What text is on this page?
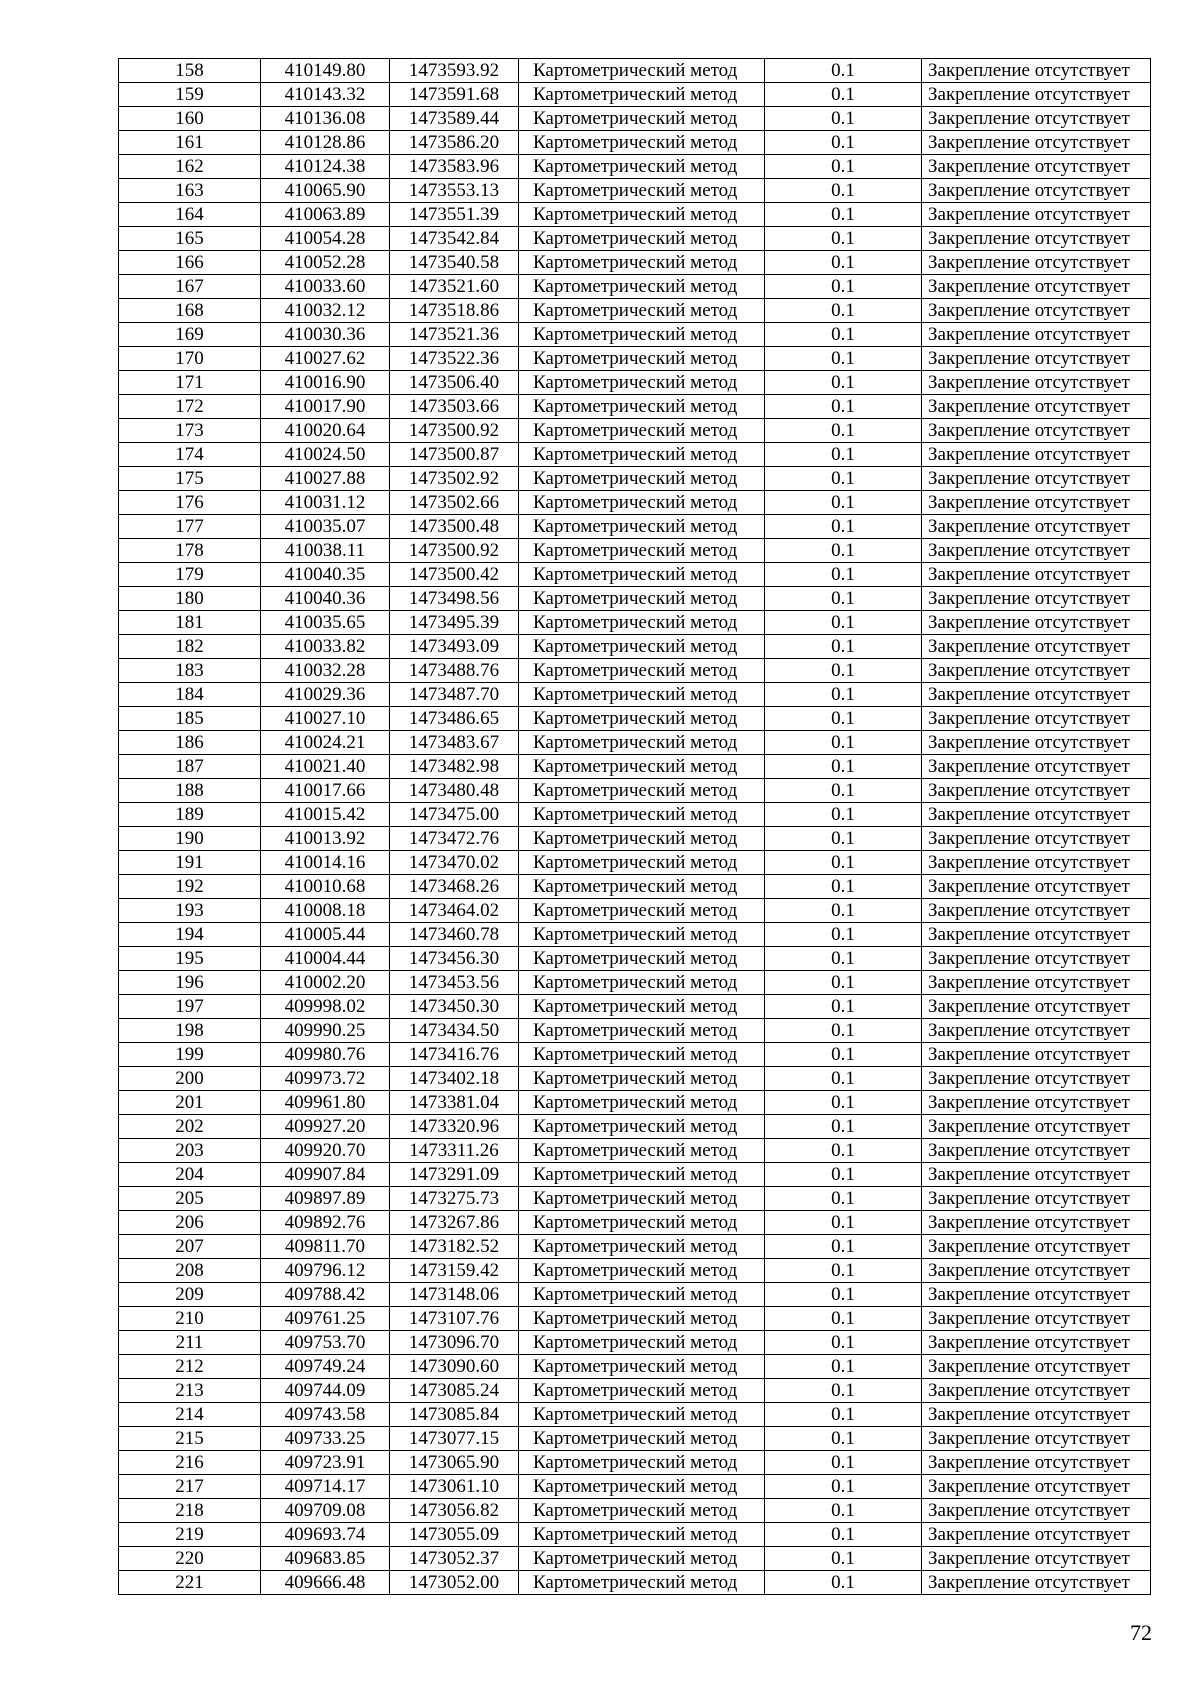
158	410149.80	1473593.92	Картометрический метод	0.1	Закрепление отсутствует
159	410143.32	1473591.68	Картометрический метод	0.1	Закрепление отсутствует
160	410136.08	1473589.44	Картометрический метод	0.1	Закрепление отсутствует
161	410128.86	1473586.20	Картометрический метод	0.1	Закрепление отсутствует
162	410124.38	1473583.96	Картометрический метод	0.1	Закрепление отсутствует
163	410065.90	1473553.13	Картометрический метод	0.1	Закрепление отсутствует
164	410063.89	1473551.39	Картометрический метод	0.1	Закрепление отсутствует
165	410054.28	1473542.84	Картометрический метод	0.1	Закрепление отсутствует
166	410052.28	1473540.58	Картометрический метод	0.1	Закрепление отсутствует
167	410033.60	1473521.60	Картометрический метод	0.1	Закрепление отсутствует
168	410032.12	1473518.86	Картометрический метод	0.1	Закрепление отсутствует
169	410030.36	1473521.36	Картометрический метод	0.1	Закрепление отсутствует
170	410027.62	1473522.36	Картометрический метод	0.1	Закрепление отсутствует
171	410016.90	1473506.40	Картометрический метод	0.1	Закрепление отсутствует
172	410017.90	1473503.66	Картометрический метод	0.1	Закрепление отсутствует
173	410020.64	1473500.92	Картометрический метод	0.1	Закрепление отсутствует
174	410024.50	1473500.87	Картометрический метод	0.1	Закрепление отсутствует
175	410027.88	1473502.92	Картометрический метод	0.1	Закрепление отсутствует
176	410031.12	1473502.66	Картометрический метод	0.1	Закрепление отсутствует
177	410035.07	1473500.48	Картометрический метод	0.1	Закрепление отсутствует
178	410038.11	1473500.92	Картометрический метод	0.1	Закрепление отсутствует
179	410040.35	1473500.42	Картометрический метод	0.1	Закрепление отсутствует
180	410040.36	1473498.56	Картометрический метод	0.1	Закрепление отсутствует
181	410035.65	1473495.39	Картометрический метод	0.1	Закрепление отсутствует
182	410033.82	1473493.09	Картометрический метод	0.1	Закрепление отсутствует
183	410032.28	1473488.76	Картометрический метод	0.1	Закрепление отсутствует
184	410029.36	1473487.70	Картометрический метод	0.1	Закрепление отсутствует
185	410027.10	1473486.65	Картометрический метод	0.1	Закрепление отсутствует
186	410024.21	1473483.67	Картометрический метод	0.1	Закрепление отсутствует
187	410021.40	1473482.98	Картометрический метод	0.1	Закрепление отсутствует
188	410017.66	1473480.48	Картометрический метод	0.1	Закрепление отсутствует
189	410015.42	1473475.00	Картометрический метод	0.1	Закрепление отсутствует
190	410013.92	1473472.76	Картометрический метод	0.1	Закрепление отсутствует
191	410014.16	1473470.02	Картометрический метод	0.1	Закрепление отсутствует
192	410010.68	1473468.26	Картометрический метод	0.1	Закрепление отсутствует
193	410008.18	1473464.02	Картометрический метод	0.1	Закрепление отсутствует
194	410005.44	1473460.78	Картометрический метод	0.1	Закрепление отсутствует
195	410004.44	1473456.30	Картометрический метод	0.1	Закрепление отсутствует
196	410002.20	1473453.56	Картометрический метод	0.1	Закрепление отсутствует
197	409998.02	1473450.30	Картометрический метод	0.1	Закрепление отсутствует
198	409990.25	1473434.50	Картометрический метод	0.1	Закрепление отсутствует
199	409980.76	1473416.76	Картометрический метод	0.1	Закрепление отсутствует
200	409973.72	1473402.18	Картометрический метод	0.1	Закрепление отсутствует
201	409961.80	1473381.04	Картометрический метод	0.1	Закрепление отсутствует
202	409927.20	1473320.96	Картометрический метод	0.1	Закрепление отсутствует
203	409920.70	1473311.26	Картометрический метод	0.1	Закрепление отсутствует
204	409907.84	1473291.09	Картометрический метод	0.1	Закрепление отсутствует
205	409897.89	1473275.73	Картометрический метод	0.1	Закрепление отсутствует
206	409892.76	1473267.86	Картометрический метод	0.1	Закрепление отсутствует
207	409811.70	1473182.52	Картометрический метод	0.1	Закрепление отсутствует
208	409796.12	1473159.42	Картометрический метод	0.1	Закрепление отсутствует
209	409788.42	1473148.06	Картометрический метод	0.1	Закрепление отсутствует
210	409761.25	1473107.76	Картометрический метод	0.1	Закрепление отсутствует
211	409753.70	1473096.70	Картометрический метод	0.1	Закрепление отсутствует
212	409749.24	1473090.60	Картометрический метод	0.1	Закрепление отсутствует
213	409744.09	1473085.24	Картометрический метод	0.1	Закрепление отсутствует
214	409743.58	1473085.84	Картометрический метод	0.1	Закрепление отсутствует
215	409733.25	1473077.15	Картометрический метод	0.1	Закрепление отсутствует
216	409723.91	1473065.90	Картометрический метод	0.1	Закрепление отсутствует
217	409714.17	1473061.10	Картометрический метод	0.1	Закрепление отсутствует
218	409709.08	1473056.82	Картометрический метод	0.1	Закрепление отсутствует
219	409693.74	1473055.09	Картометрический метод	0.1	Закрепление отсутствует
220	409683.85	1473052.37	Картометрический метод	0.1	Закрепление отсутствует
221	409666.48	1473052.00	Картометрический метод	0.1	Закрепление отсутствует
72
